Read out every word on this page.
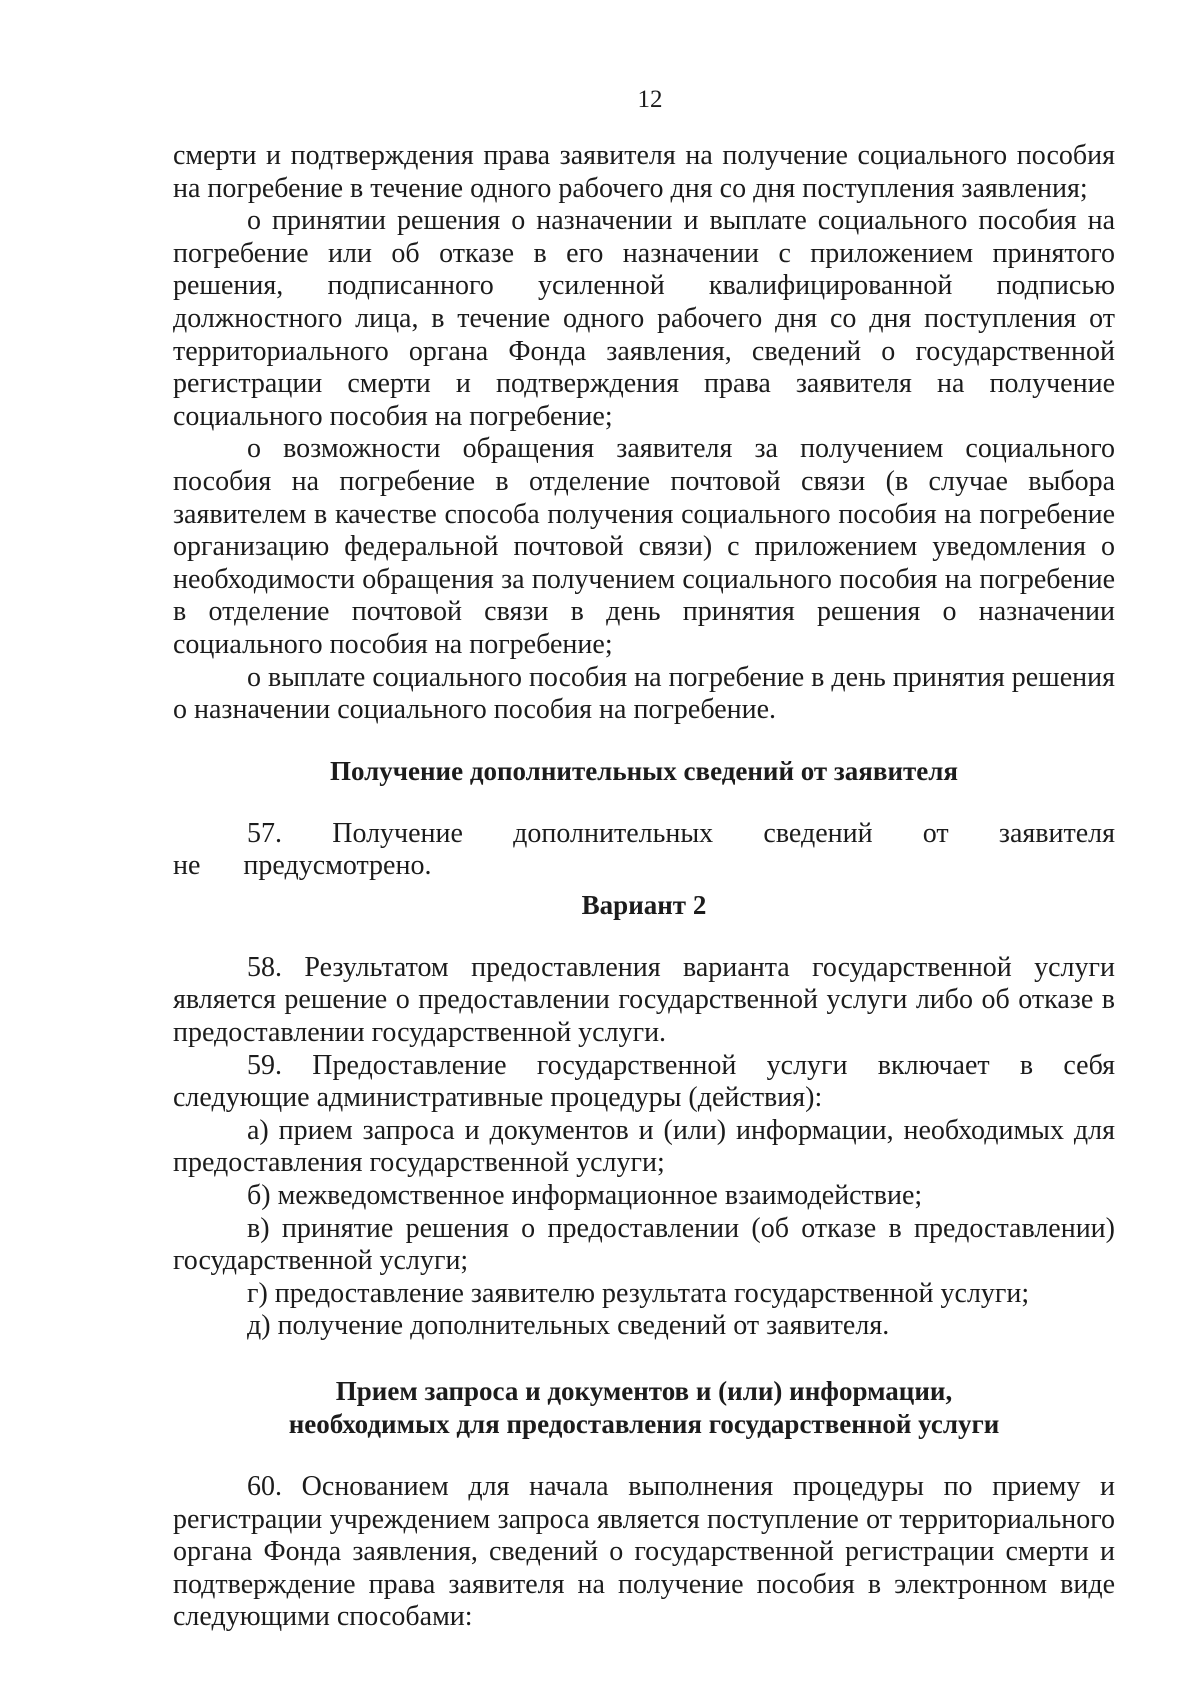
12

смерти и подтверждения права заявителя на получение социального пособия на погребение в течение одного рабочего дня со дня поступления заявления;

о принятии решения о назначении и выплате социального пособия на погребение или об отказе в его назначении с приложением принятого решения, подписанного усиленной квалифицированной подписью должностного лица, в течение одного рабочего дня со дня поступления от территориального органа Фонда заявления, сведений о государственной регистрации смерти и подтверждения права заявителя на получение социального пособия на погребение;

о возможности обращения заявителя за получением социального пособия на погребение в отделение почтовой связи (в случае выбора заявителем в качестве способа получения социального пособия на погребение организацию федеральной почтовой связи) с приложением уведомления о необходимости обращения за получением социального пособия на погребение в отделение почтовой связи в день принятия решения о назначении социального пособия на погребение;

о выплате социального пособия на погребение в день принятия решения о назначении социального пособия на погребение.

Получение дополнительных сведений от заявителя

57. Получение дополнительных сведений от заявителя не предусмотрено.

Вариант 2

58. Результатом предоставления варианта государственной услуги является решение о предоставлении государственной услуги либо об отказе в предоставлении государственной услуги.

59. Предоставление государственной услуги включает в себя следующие административные процедуры (действия):

а) прием запроса и документов и (или) информации, необходимых для предоставления государственной услуги;

б) межведомственное информационное взаимодействие;

в) принятие решения о предоставлении (об отказе в предоставлении) государственной услуги;

г) предоставление заявителю результата государственной услуги;

д) получение дополнительных сведений от заявителя.

Прием запроса и документов и (или) информации,
необходимых для предоставления государственной услуги

60. Основанием для начала выполнения процедуры по приему и регистрации учреждением запроса является поступление от территориального органа Фонда заявления, сведений о государственной регистрации смерти и подтверждение права заявителя на получение пособия в электронном виде следующими способами:
